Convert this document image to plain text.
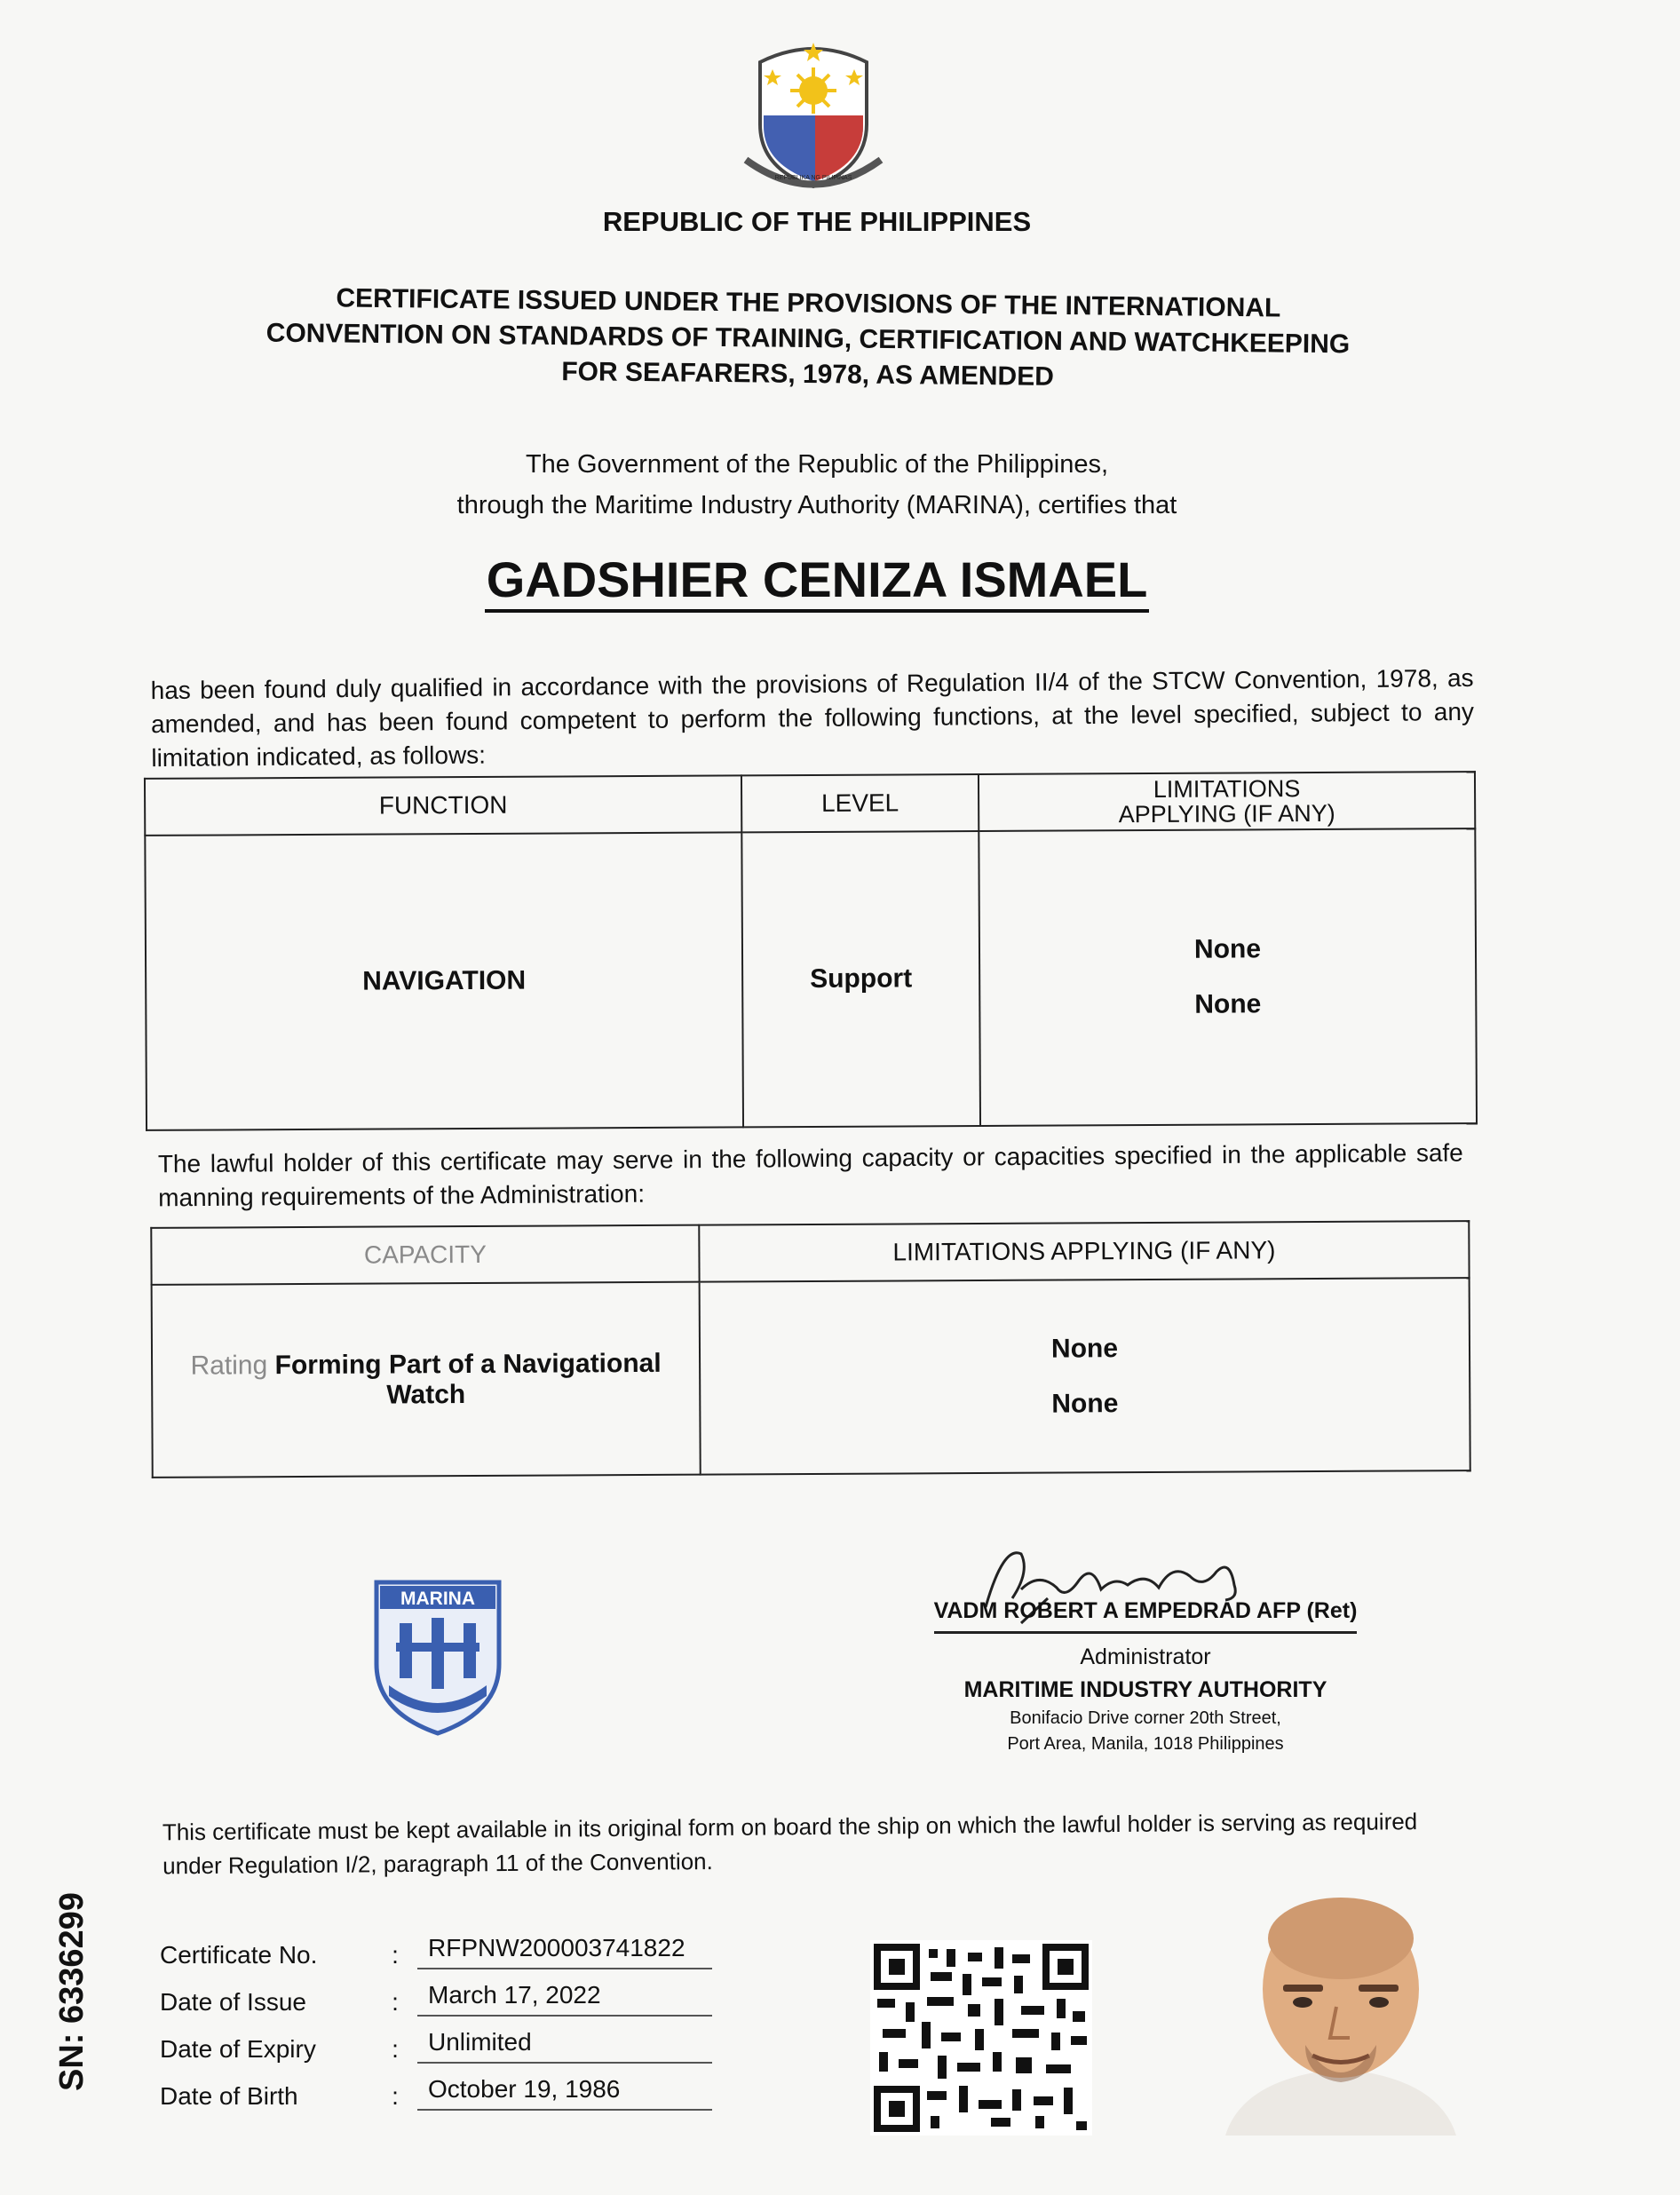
REPUBLIKA NG PILIPINAS
REPUBLIC OF THE PHILIPPINES
CERTIFICATE ISSUED UNDER THE PROVISIONS OF THE INTERNATIONAL
CONVENTION ON STANDARDS OF TRAINING, CERTIFICATION AND WATCHKEEPING
FOR SEAFARERS, 1978, AS AMENDED
The Government of the Republic of the Philippines,
through the Maritime Industry Authority (MARINA), certifies that
GADSHIER CENIZA ISMAEL
has been found duly qualified in accordance with the provisions of Regulation II/4 of the STCW Convention, 1978, as amended, and has been found competent to perform the following functions, at the level specified, subject to any limitation indicated, as follows:
FUNCTION	LEVEL	LIMITATIONS
APPLYING (IF ANY)

NAVIGATION	Support	None
None
The lawful holder of this certificate may serve in the following capacity or capacities specified in the applicable safe manning requirements of the Administration:
CAPACITY	LIMITATIONS APPLYING (IF ANY)
Rating Forming Part of a Navigational Watch	None
None
MARINA	VADM ROBERT A EMPEDRAD AFP (Ret)
Administrator
MARITIME INDUSTRY AUTHORITY
Bonifacio Drive corner 20th Street,
Port Area, Manila, 1018 Philippines
This certificate must be kept available in its original form on board the ship on which the lawful holder is serving as required under Regulation I/2, paragraph 11 of the Convention.
Certificate No.	:	RFPNW200003741822
Date of Issue	:	March 17, 2022
Date of Expiry	:	Unlimited
Date of Birth	:	October 19, 1986
SN: 6336299
